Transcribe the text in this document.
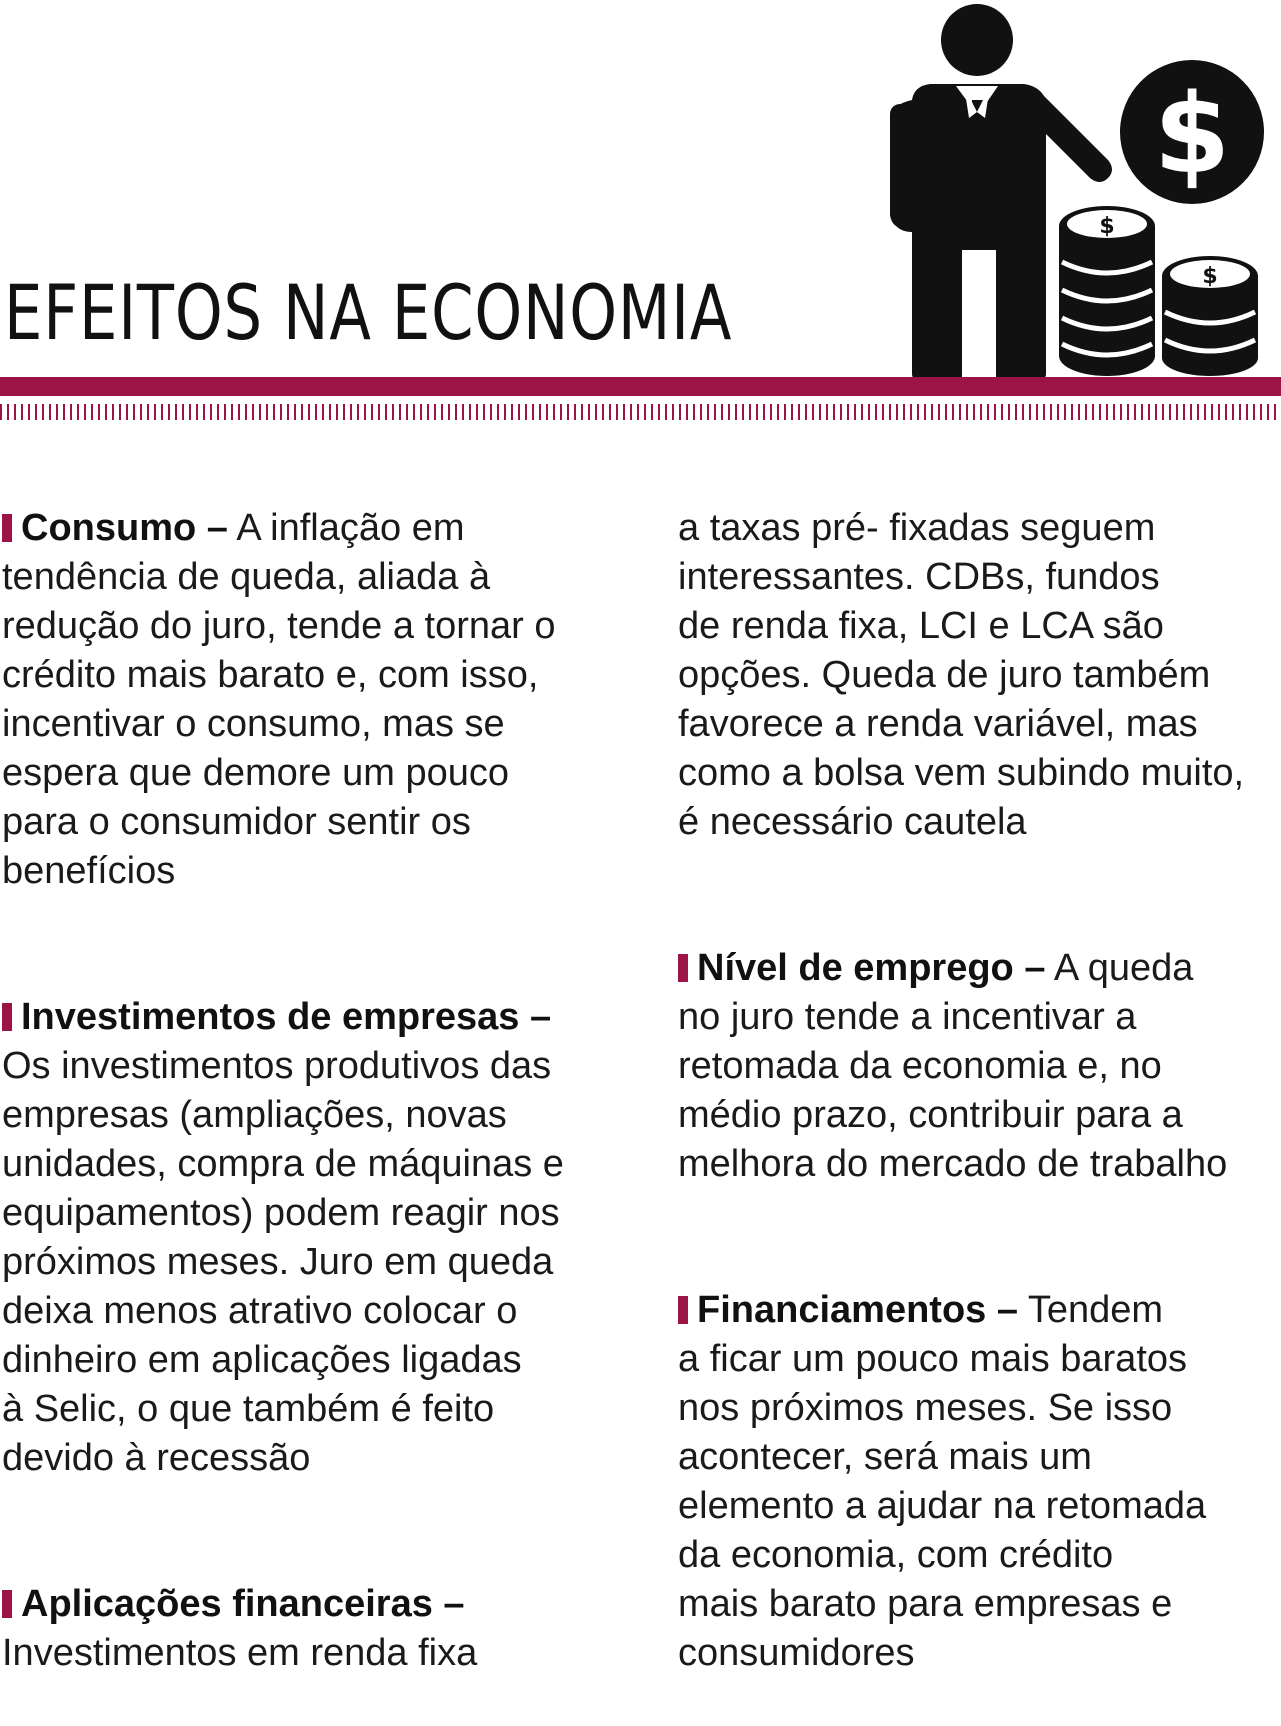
EFEITOS NA ECONOMIA
$
$
$

Consumo – A inflação em
tendência de queda, aliada à
redução do juro, tende a tornar o
crédito mais barato e, com isso,
incentivar o consumo, mas se
espera que demore um pouco
para o consumidor sentir os
benefícios

Investimentos de empresas –
Os investimentos produtivos das
empresas (ampliações, novas
unidades, compra de máquinas e
equipamentos) podem reagir nos
próximos meses. Juro em queda
deixa menos atrativo colocar o
dinheiro em aplicações ligadas
à Selic, o que também é feito
devido à recessão

Aplicações financeiras –
Investimentos em renda fixa

a taxas pré- fixadas seguem
interessantes. CDBs, fundos
de renda fixa, LCI e LCA são
opções. Queda de juro também
favorece a renda variável, mas
como a bolsa vem subindo muito,
é necessário cautela

Nível de emprego – A queda
no juro tende a incentivar a
retomada da economia e, no
médio prazo, contribuir para a
melhora do mercado de trabalho

Financiamentos – Tendem
a ficar um pouco mais baratos
nos próximos meses. Se isso
acontecer, será mais um
elemento a ajudar na retomada
da economia, com crédito
mais barato para empresas e
consumidores
